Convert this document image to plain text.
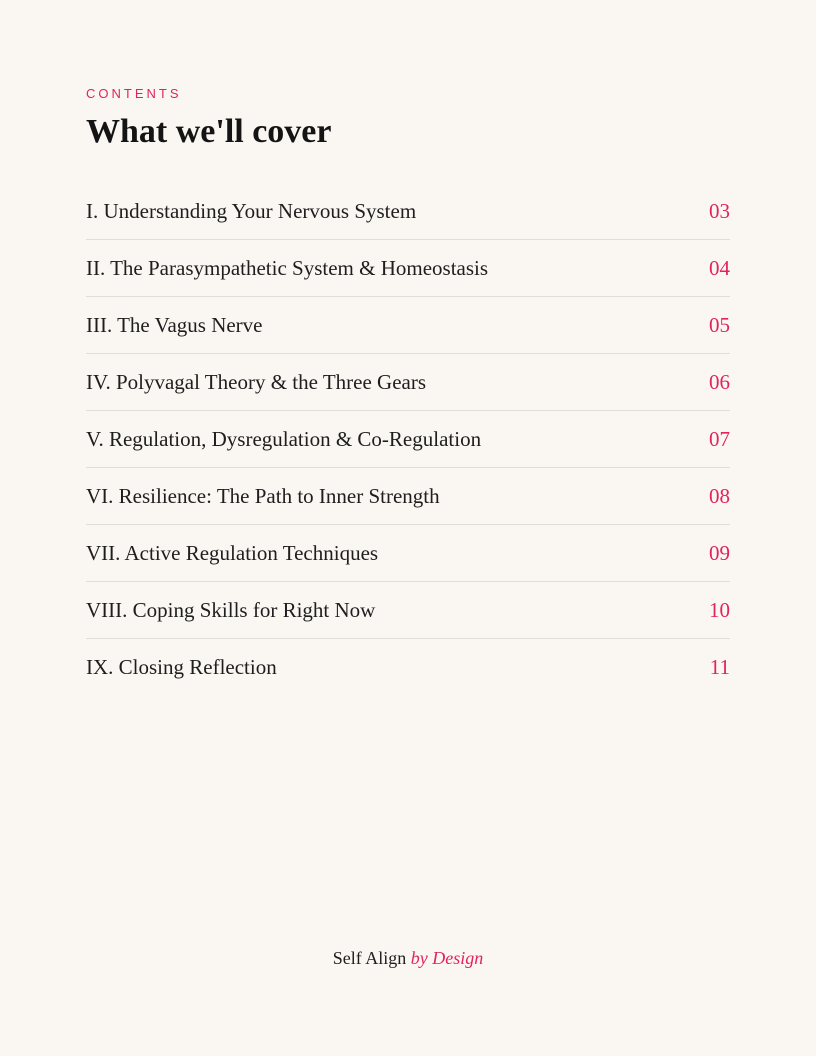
CONTENTS
What we'll cover
I. Understanding Your Nervous System	03
II. The Parasympathetic System & Homeostasis	04
III. The Vagus Nerve	05
IV. Polyvagal Theory & the Three Gears	06
V. Regulation, Dysregulation & Co-Regulation	07
VI. Resilience: The Path to Inner Strength	08
VII. Active Regulation Techniques	09
VIII. Coping Skills for Right Now	10
IX. Closing Reflection	11
Self Align by Design
